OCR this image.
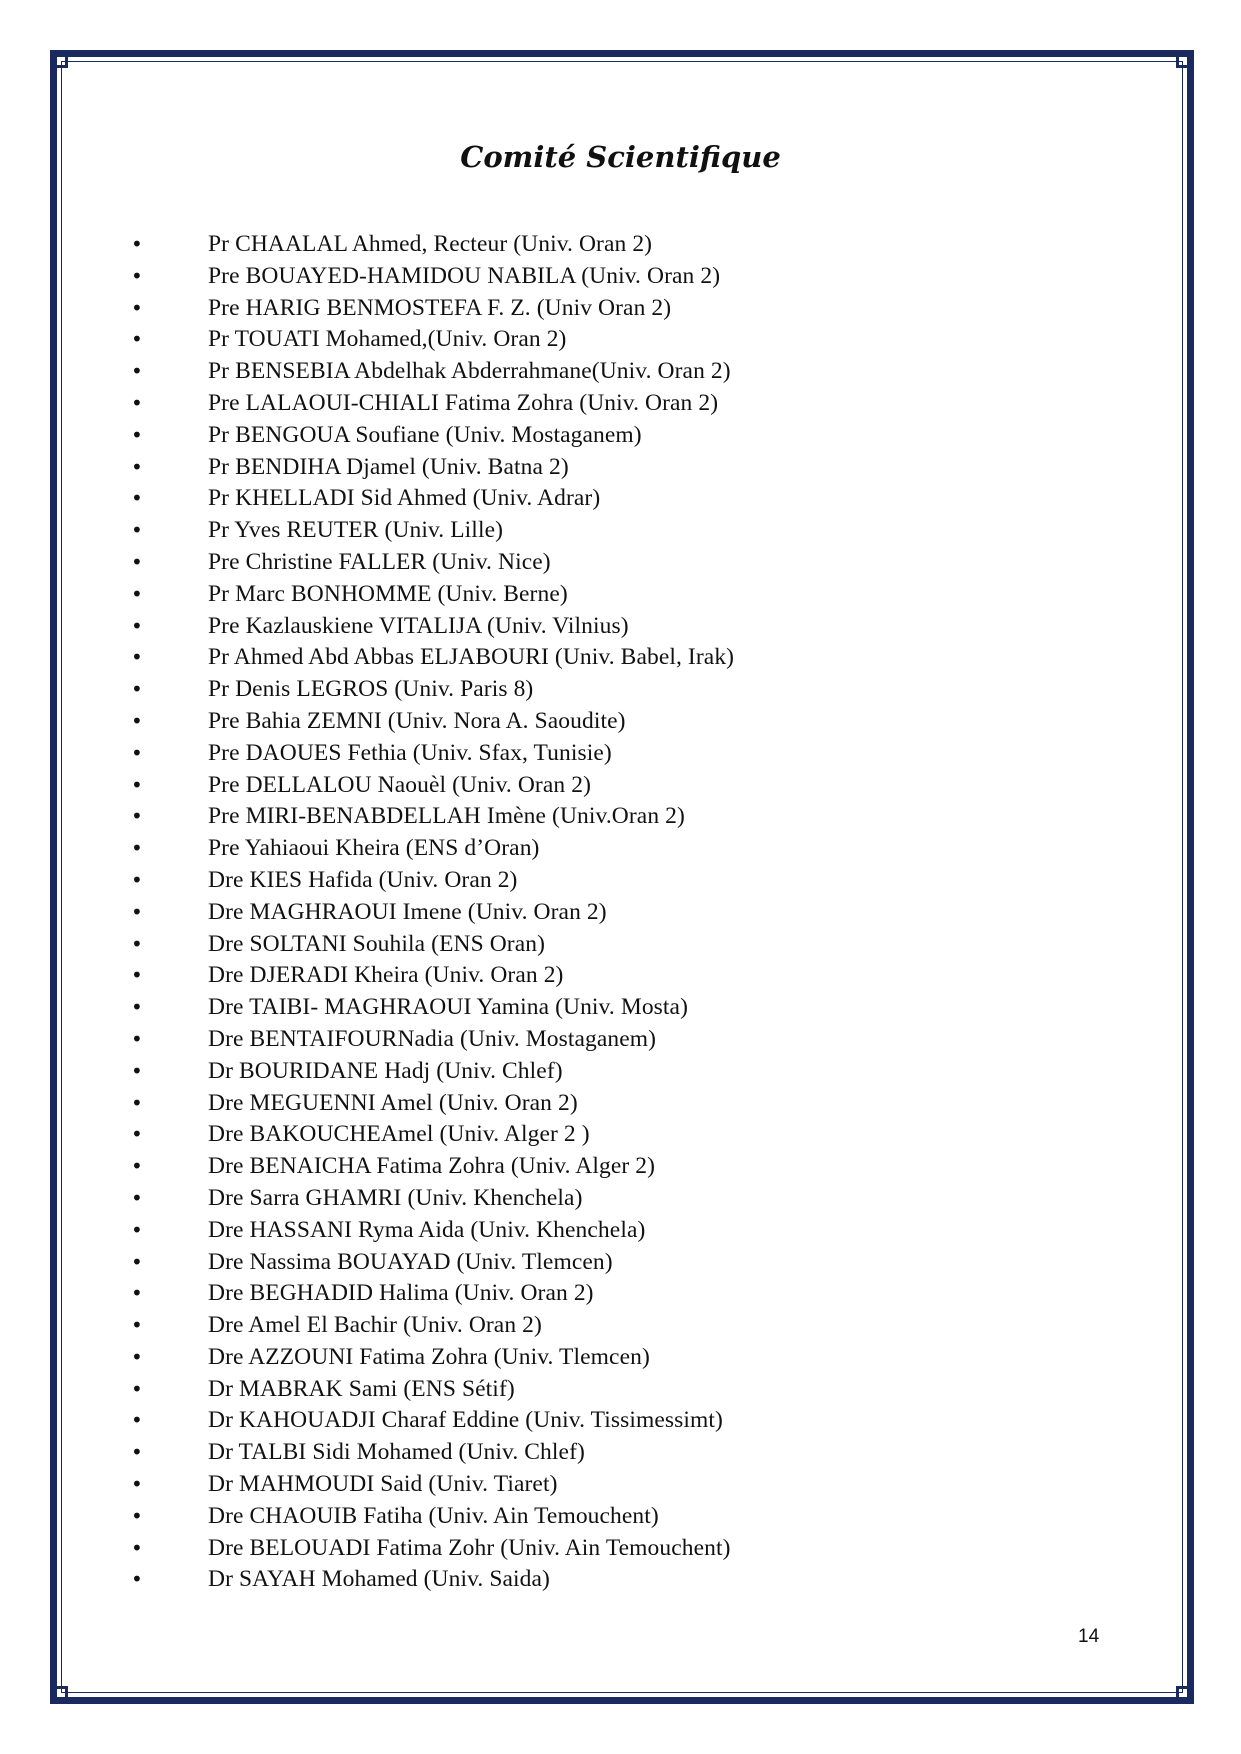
Comité Scientifique
•	Pr CHAALAL Ahmed, Recteur (Univ. Oran 2)
•	Pre BOUAYED-HAMIDOU NABILA (Univ. Oran 2)
•	Pre HARIG BENMOSTEFA F. Z. (Univ Oran 2)
•	Pr TOUATI Mohamed,(Univ. Oran 2)
•	Pr BENSEBIA Abdelhak Abderrahmane(Univ. Oran 2)
•	Pre LALAOUI-CHIALI Fatima Zohra (Univ. Oran 2)
•	Pr BENGOUA Soufiane (Univ. Mostaganem)
•	Pr BENDIHA Djamel (Univ. Batna 2)
•	Pr KHELLADI Sid Ahmed (Univ. Adrar)
•	Pr Yves REUTER (Univ. Lille)
•	Pre Christine FALLER (Univ. Nice)
•	Pr Marc BONHOMME (Univ. Berne)
•	Pre Kazlauskiene VITALIJA (Univ. Vilnius)
•	Pr Ahmed Abd Abbas ELJABOURI (Univ. Babel, Irak)
•	Pr Denis LEGROS (Univ. Paris 8)
•	Pre Bahia ZEMNI (Univ. Nora A. Saoudite)
•	Pre DAOUES Fethia (Univ. Sfax, Tunisie)
•	Pre DELLALOU Naouèl (Univ. Oran 2)
•	Pre MIRI-BENABDELLAH Imène (Univ.Oran 2)
•	Pre Yahiaoui Kheira (ENS d’Oran)
•	Dre KIES Hafida (Univ. Oran 2)
•	Dre MAGHRAOUI Imene (Univ. Oran 2)
•	Dre SOLTANI Souhila (ENS Oran)
•	Dre DJERADI Kheira (Univ. Oran 2)
•	Dre TAIBI- MAGHRAOUI Yamina (Univ. Mosta)
•	Dre BENTAIFOURNadia (Univ. Mostaganem)
•	Dr BOURIDANE Hadj (Univ. Chlef)
•	Dre MEGUENNI Amel (Univ. Oran 2)
•	Dre BAKOUCHEAmel (Univ. Alger 2 )
•	Dre BENAICHA Fatima Zohra (Univ. Alger 2)
•	Dre Sarra GHAMRI (Univ. Khenchela)
•	Dre HASSANI Ryma Aida (Univ. Khenchela)
•	Dre Nassima BOUAYAD (Univ. Tlemcen)
•	Dre BEGHADID Halima (Univ. Oran 2)
•	Dre Amel El Bachir (Univ. Oran 2)
•	Dre AZZOUNI Fatima Zohra (Univ. Tlemcen)
•	Dr MABRAK Sami (ENS Sétif)
•	Dr KAHOUADJI Charaf Eddine (Univ. Tissimessimt)
•	Dr TALBI Sidi Mohamed (Univ. Chlef)
•	Dr MAHMOUDI Said (Univ. Tiaret)
•	Dre CHAOUIB Fatiha (Univ. Ain Temouchent)
•	Dre BELOUADI Fatima Zohr (Univ. Ain Temouchent)
•	Dr SAYAH Mohamed (Univ. Saida)
14
